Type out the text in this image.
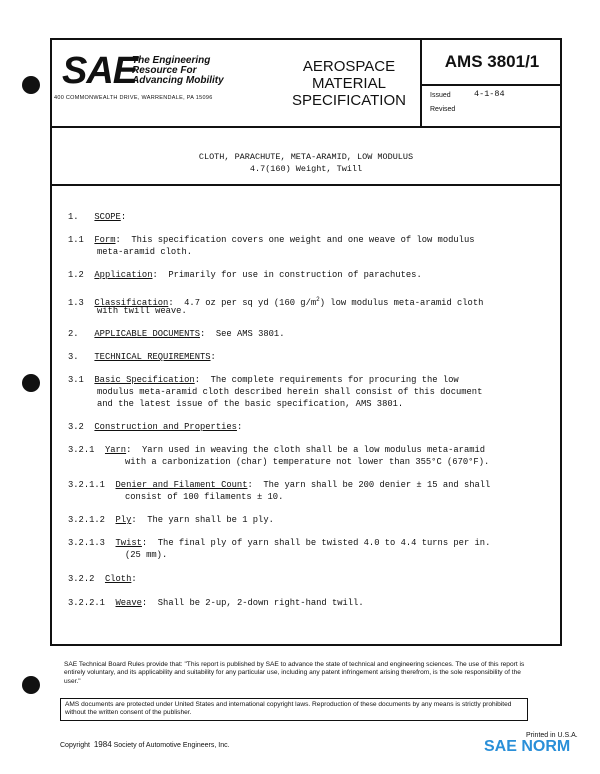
SAE
The Engineering
Resource For
Advancing Mobility
400 COMMONWEALTH DRIVE, WARRENDALE, PA 15096
AEROSPACE
MATERIAL
SPECIFICATION
AMS 3801/1
Issued	4-1-84
Revised
CLOTH, PARACHUTE, META-ARAMID, LOW MODULUS
4.7(160) Weight, Twill
1. SCOPE:
1.1 Form:  This specification covers one weight and one weave of low modulus
meta-aramid cloth.
1.2 Application:  Primarily for use in construction of parachutes.
1.3 Classification:  4.7 oz per sq yd (160 $g/m^2$) low modulus meta-aramid cloth
with twill weave.
2. APPLICABLE DOCUMENTS:  See AMS 3801.
3. TECHNICAL REQUIREMENTS:
3.1 Basic Specification:  The complete requirements for procuring the low
modulus meta-aramid cloth described herein shall consist of this document
and the latest issue of the basic specification, AMS 3801.
3.2 Construction and Properties:
3.2.1 Yarn:  Yarn used in weaving the cloth shall be a low modulus meta-aramid
with a carbonization (char) temperature not lower than 355°C (670°F).
3.2.1.1 Denier and Filament Count:  The yarn shall be 200 denier ± 15 and shall
consist of 100 filaments ± 10.
3.2.1.2 Ply:  The yarn shall be 1 ply.
3.2.1.3 Twist:  The final ply of yarn shall be twisted 4.0 to 4.4 turns per in.
(25 mm).
3.2.2 Cloth:
3.2.2.1 Weave:  Shall be 2-up, 2-down right-hand twill.
SAE Technical Board Rules provide that: "This report is published by SAE to advance the state of technical and engineering sciences. The use of this report is entirely voluntary, and its applicability and suitability for any particular use, including any patent infringement arising therefrom, is the sole responsibility of the user."
AMS documents are protected under United States and international copyright laws. Reproduction of these documents by any means is strictly prohibited without the written consent of the publisher.
Copyright 1984 Society of Automotive Engineers, Inc.
Printed in U.S.A.
SAE NORM
